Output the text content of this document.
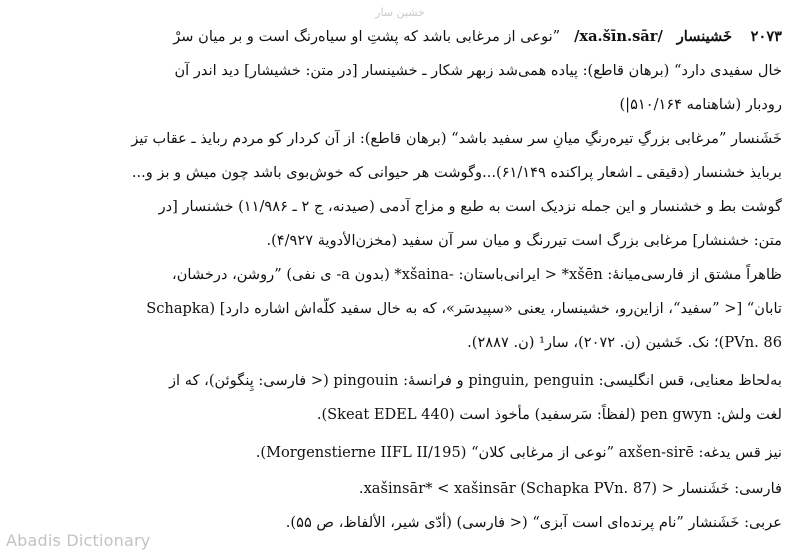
خشین سار
۲۰۷۳    خَشینسار   /xa.šīn.sār/   ”نوعی از مرغابی باشد که پشتِ او سیاه‌رنگ است و بر میان سرْ
خال سفیدی دارد“ (برهان قاطع): پیاده همی‌شد زبهر شکار ـ خشینسار [در متن: خشیشار] دید اندر آن
رودبار (شاهنامه ۵۱۰/۱۶۴|)
خَشَنسار ”مرغابی بزرگِ تیره‌رنگِ میانِ سر سفید باشد“ (برهان قاطع): از آن کردار کو مردم ربایذ ـ عقاب تیز
بربایذ خشنسار (دقیقی ـ اشعار پراکنده ۶۱/۱۴۹)...وگوشت هر حیوانی که خوش‌بوی باشد چون میش و بز و...
گوشت بط و خشنسار و این جمله نزدیک است به طبع و مزاج آدمی (صیدنه، ج ۲ ـ ۱۱/۹۸۶) خشنسار [در
متن: خشنشار] مرغابی بزرگ است تیررنگ و میان سر آن سفید (مخزن‌الأدویة ۴/۹۲۷).
ظاهراً مشتق از فارسی‌میانهٔ: xšēn* < ایرانی‌باستان: -xšaina* (بدون a- ی نفی) ”روشن، درخشان،
تابان“ [< ”سفید“، ازاین‌رو، خشینسار، یعنی «سپیدسَر»، که به خال سفید کلّه‌اش اشاره دارد] (Schapka
PVn. 86)؛ نک. خَشین (ن. ۲۰۷۲)، سار¹ (ن. ۲۸۸۷).
به‌لحاظ معنایی، قس انگلیسی: pinguin, penguin و فرانسهٔ: pingouin (< فارسی: پِنگوئن)، که از
لغت ولش: pen gwyn (لفظاً: سَرسفید) مأخوذ است (Skeat EDEL 440).
نیز قس یدغه: axšen-sirē ”نوعی از مرغابی کلان“ (Morgenstierne IIFL II/195).
فارسی: خَشَنسار < xašinsār* < xašinsār (Schapka PVn. 87).
عربی: خَشَنشار ”نام پرنده‌ای است آبزی“ (< فارسی) (أدّی شیر، الألفاظ، ص ۵۵).
Abadis Dictionary
